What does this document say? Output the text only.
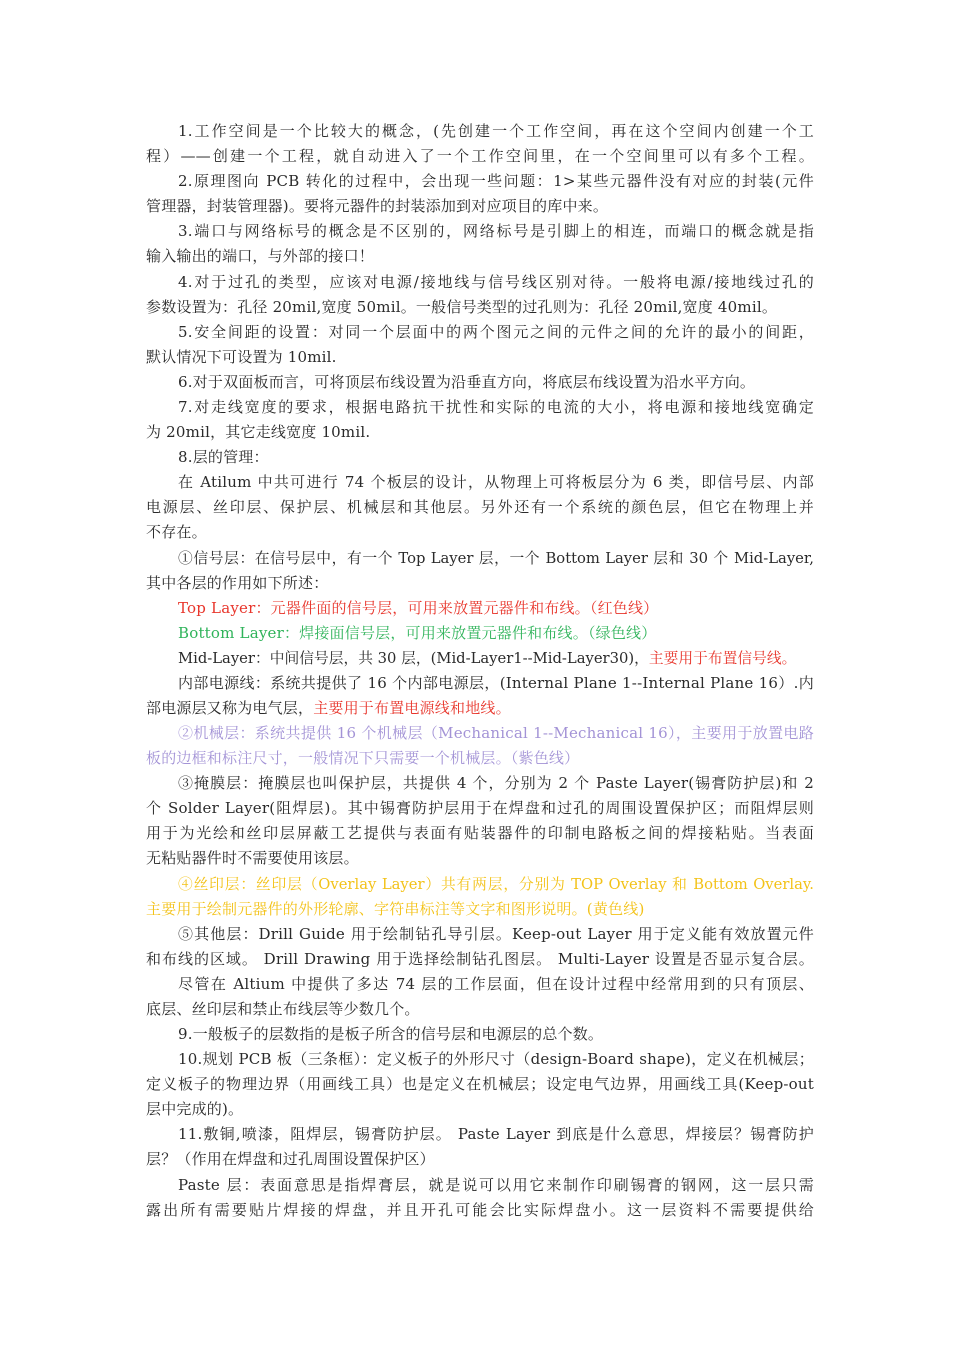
1.工作空间是一个比较大的概念，(先创建一个工作空间，再在这个空间内创建一个工
程）——创建一个工程，就自动进入了一个工作空间里，在一个空间里可以有多个工程。
2.原理图向 PCB 转化的过程中，会出现一些问题：1>某些元器件没有对应的封装(元件
管理器，封装管理器)。要将元器件的封装添加到对应项目的库中来。
3.端口与网络标号的概念是不区别的，网络标号是引脚上的相连，而端口的概念就是指
输入输出的端口，与外部的接口！
4.对于过孔的类型，应该对电源/接地线与信号线区别对待。一般将电源/接地线过孔的
参数设置为：孔径 20mil,宽度 50mil。一般信号类型的过孔则为：孔径 20mil,宽度 40mil。
5.安全间距的设置：对同一个层面中的两个图元之间的元件之间的允许的最小的间距，
默认情况下可设置为 10mil.
6.对于双面板而言，可将顶层布线设置为沿垂直方向，将底层布线设置为沿水平方向。
7.对走线宽度的要求，根据电路抗干扰性和实际的电流的大小，将电源和接地线宽确定
为 20mil，其它走线宽度 10mil.
8.层的管理：
在 Atilum 中共可进行 74 个板层的设计，从物理上可将板层分为 6 类，即信号层、内部
电源层、丝印层、保护层、机械层和其他层。另外还有一个系统的颜色层，但它在物理上并
不存在。
①信号层：在信号层中，有一个 Top Layer 层，一个 Bottom Layer 层和 30 个 Mid-Layer,
其中各层的作用如下所述：
Top Layer：元器件面的信号层，可用来放置元器件和布线。（红色线）
Bottom Layer：焊接面信号层，可用来放置元器件和布线。（绿色线）
Mid-Layer：中间信号层，共 30 层，(Mid-Layer1--Mid-Layer30)，主要用于布置信号线。
内部电源线：系统共提供了 16 个内部电源层，(Internal Plane 1--Internal Plane 16）.内
部电源层又称为电气层，主要用于布置电源线和地线。
②机械层：系统共提供 16 个机械层（Mechanical 1--Mechanical 16），主要用于放置电路
板的边框和标注尺寸，一般情况下只需要一个机械层。（紫色线）
③掩膜层：掩膜层也叫保护层，共提供 4 个，分别为 2 个 Paste Layer(锡膏防护层)和 2
个 Solder Layer(阻焊层)。其中锡膏防护层用于在焊盘和过孔的周围设置保护区；而阻焊层则
用于为光绘和丝印层屏蔽工艺提供与表面有贴装器件的印制电路板之间的焊接粘贴。当表面
无粘贴器件时不需要使用该层。
④丝印层：丝印层（Overlay Layer）共有两层，分别为 TOP Overlay 和 Bottom Overlay.
主要用于绘制元器件的外形轮廓、字符串标注等文字和图形说明。(黄色线)
⑤其他层：Drill Guide 用于绘制钻孔导引层。Keep-out Layer 用于定义能有效放置元件
和布线的区域。 Drill Drawing 用于选择绘制钻孔图层。 Multi-Layer 设置是否显示复合层。
尽管在 Altium 中提供了多达 74 层的工作层面，但在设计过程中经常用到的只有顶层、
底层、丝印层和禁止布线层等少数几个。
9.一般板子的层数指的是板子所含的信号层和电源层的总个数。
10.规划 PCB 板（三条框）：定义板子的外形尺寸（design-Board shape)，定义在机械层；
定义板子的物理边界（用画线工具）也是定义在机械层；设定电气边界，用画线工具(Keep-out
层中完成的)。
11.敷铜,喷漆，阻焊层，锡膏防护层。 Paste Layer 到底是什么意思，焊接层？锡膏防护
层？（作用在焊盘和过孔周围设置保护区）
Paste 层：表面意思是指焊膏层，就是说可以用它来制作印刷锡膏的钢网，这一层只需
露出所有需要贴片焊接的焊盘，并且开孔可能会比实际焊盘小。这一层资料不需要提供给
